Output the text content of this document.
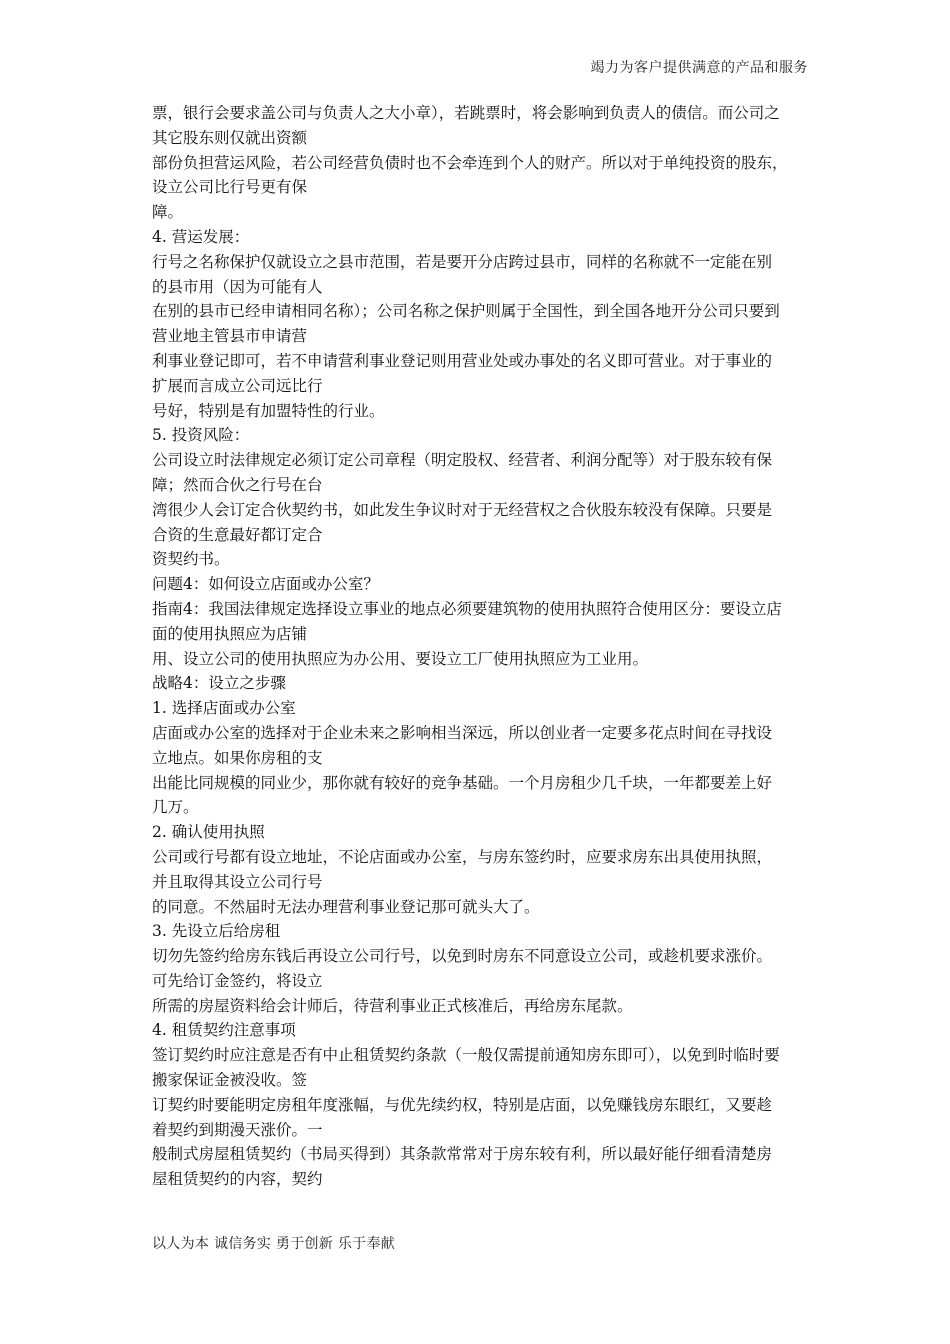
竭力为客户提供满意的产品和服务
票，银行会要求盖公司与负责人之大小章），若跳票时，将会影响到负责人的债信。而公司之
其它股东则仅就出资额
部份负担营运风险，若公司经营负债时也不会牵连到个人的财产。所以对于单纯投资的股东，
设立公司比行号更有保
障。
4. 营运发展：
行号之名称保护仅就设立之县市范围，若是要开分店跨过县市，同样的名称就不一定能在别
的县市用（因为可能有人
在别的县市已经申请相同名称）；公司名称之保护则属于全国性，到全国各地开分公司只要到
营业地主管县市申请营
利事业登记即可，若不申请营利事业登记则用营业处或办事处的名义即可营业。对于事业的
扩展而言成立公司远比行
号好，特别是有加盟特性的行业。
5. 投资风险：
公司设立时法律规定必须订定公司章程（明定股权、经营者、利润分配等）对于股东较有保
障；然而合伙之行号在台
湾很少人会订定合伙契约书，如此发生争议时对于无经营权之合伙股东较没有保障。只要是
合资的生意最好都订定合
资契约书。
问题4：如何设立店面或办公室？
指南4：我国法律规定选择设立事业的地点必须要建筑物的使用执照符合使用区分：要设立店
面的使用执照应为店铺
用、设立公司的使用执照应为办公用、要设立工厂使用执照应为工业用。
战略4：设立之步骤
1. 选择店面或办公室
店面或办公室的选择对于企业未来之影响相当深远，所以创业者一定要多花点时间在寻找设
立地点。如果你房租的支
出能比同规模的同业少，那你就有较好的竞争基础。一个月房租少几千块，一年都要差上好
几万。
2. 确认使用执照
公司或行号都有设立地址，不论店面或办公室，与房东签约时，应要求房东出具使用执照，
并且取得其设立公司行号
的同意。不然届时无法办理营利事业登记那可就头大了。
3. 先设立后给房租
切勿先签约给房东钱后再设立公司行号，以免到时房东不同意设立公司，或趁机要求涨价。
可先给订金签约，将设立
所需的房屋资料给会计师后，待营利事业正式核准后，再给房东尾款。
4. 租赁契约注意事项
签订契约时应注意是否有中止租赁契约条款（一般仅需提前通知房东即可），以免到时临时要
搬家保证金被没收。签
订契约时要能明定房租年度涨幅，与优先续约权，特别是店面，以免赚钱房东眼红，又要趁
着契约到期漫天涨价。一
般制式房屋租赁契约（书局买得到）其条款常常对于房东较有利，所以最好能仔细看清楚房
屋租赁契约的内容，契约
以人为本 诚信务实 勇于创新 乐于奉献
